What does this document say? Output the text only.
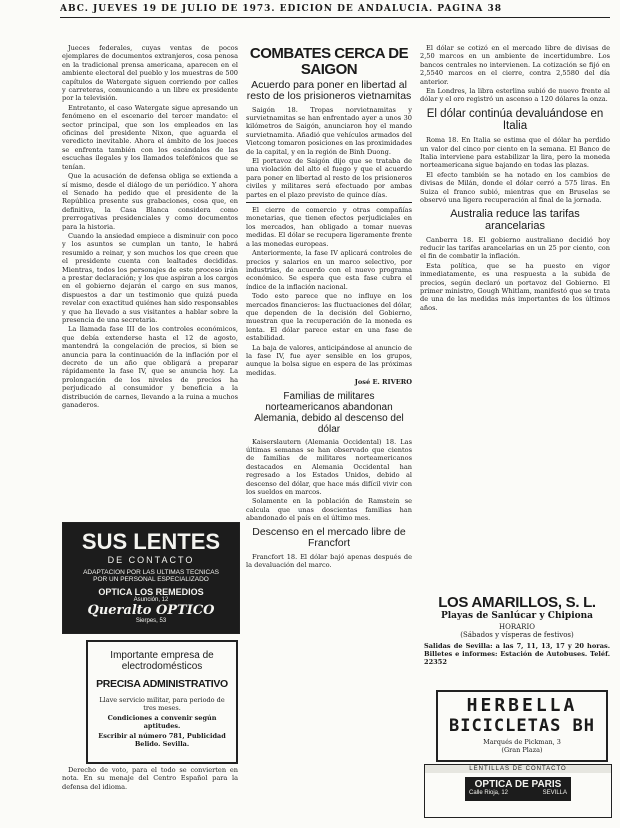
ABC. JUEVES 19 DE JULIO DE 1973. EDICION DE ANDALUCIA. PAGINA 38

Jueces federales, cuyas ventas de pocos ejemplares de documentos extranjeros, cosa penosa en la tradicional prensa americana, aparecen en el ambiente electoral del pueblo y los muestras de 500 capítulos de Watergate siguen corriendo por calles y carreteras, comunicando a un libre ex presidente por la televisión.

Entretanto, el caso Watergate sigue apresando un fenómeno en el escenario del tercer mandato: el sector principal, que son los empleados en las oficinas del presidente Nixon, que aguarda el veredicto inevitable. Ahora el ámbito de los jueces se enfrenta también con los escándalos de las escuchas ilegales y los llamados telefónicos que se tenían.

Que la acusación de defensa obliga se extienda a sí mismo, desde el diálogo de un periódico. Y ahora el Senado ha pedido que el presidente de la República presente sus grabaciones, cosa que, en definitiva, la Casa Blanca considera como prerrogativas presidenciales y como documentos para la historia.

Cuando la ansiedad empiece a disminuir con poco y los asuntos se cumplan un tanto, le habrá resumido a reinar, y son muchos los que creen que el presidente cuenta con lealtades decididas. Mientras, todos los personajes de este proceso irán a prestar declaración; y los que aspiran a los cargos en el gobierno dejarán el cargo en sus manos, dispuestos a dar un testimonio que quizá pueda revelar con exactitud quiénes han sido responsables y que ha llevado a sus visitantes a hablar sobre la presencia de una secretaria.

La llamada fase III de los controles económicos, que debía extenderse hasta el 12 de agosto, mantendrá la congelación de precios, si bien se anuncia para la continuación de la inflación por el decreto de un año que obligará a preparar rápidamente la fase IV, que se anuncia hoy. La prolongación de los niveles de precios ha perjudicado al consumidor y beneficia a la distribución de carnes, llevando a la ruina a muchos ganaderos.

SUS LENTES
DE CONTACTO
ADAPTACION POR LAS ULTIMAS TECNICAS
POR UN PERSONAL ESPECIALIZADO
OPTICA LOS REMEDIOS
Asunción, 12
Queralto OPTICO
Sierpes, 53
Importante empresa de
electrodomésticos
PRECISA ADMINISTRATIVO
Llave servicio militar, para periodo de tres meses.
Condiciones a convenir según aptitudes.
Escribir al número 781, Publicidad Belido. Sevilla.

Derecho de voto, para el todo se convierten en nota. En su menaje del Centro Español para la defensa del idioma.

COMBATES CERCA DE SAIGON
Acuerdo para poner en libertad al resto de los prisioneros vietnamitas

Saigón 18. Tropas norvietnamitas y survietnamitas se han enfrentado ayer a unos 30 kilómetros de Saigón, anunciaron hoy el mando survietnamita. Añadió que vehículos armados del Vietcong tomaron posiciones en las proximidades de la capital, y en la región de Binh Duong.

El portavoz de Saigón dijo que se trataba de una violación del alto el fuego y que el acuerdo para poner en libertad al resto de los prisioneros civiles y militares será efectuado por ambas partes en el plazo previsto de quince días.

El cierre de comercio y otras compañías monetarias, que tienen efectos perjudiciales en los mercados, han obligado a tomar nuevas medidas. El dólar se recupera ligeramente frente a las monedas europeas.

Anteriormente, la fase IV aplicará controles de precios y salarios en un marco selectivo, por industrias, de acuerdo con el nuevo programa económico. Se espera que esta fase cubra el índice de la inflación nacional.

Todo esto parece que no influye en los mercados financieros: las fluctuaciones del dólar, que dependen de la decisión del Gobierno, muestran que la recuperación de la moneda es lenta. El dólar parece estar en una fase de estabilidad.

La baja de valores, anticipándose al anuncio de la fase IV, fue ayer sensible en los grupos, aunque la bolsa sigue en espera de las próximas medidas.

José E. RIVERO

Familias de militares norteamericanos abandonan Alemania, debido al descenso del dólar

Kaiserslautern (Alemania Occidental) 18. Las últimas semanas se han observado que cientos de familias de militares norteamericanos destacados en Alemania Occidental han regresado a los Estados Unidos, debido al descenso del dólar, que hace más difícil vivir con los sueldos en marcos.

Solamente en la población de Ramstein se calcula que unas doscientas familias han abandonado el país en el último mes.

Descenso en el mercado libre de Francfort

Francfort 18. El dólar bajó apenas después de la devaluación del marco.

El dólar se cotizó en el mercado libre de divisas de 2,50 marcos en un ambiente de incertidumbre. Los bancos centrales no intervienen. La cotización se fijó en 2,5540 marcos en el cierre, contra 2,5580 del día anterior.

En Londres, la libra esterlina subió de nuevo frente al dólar y el oro registró un ascenso a 120 dólares la onza.

El dólar continúa devaluándose en Italia

Roma 18. En Italia se estima que el dólar ha perdido un valor del cinco por ciento en la semana. El Banco de Italia interviene para estabilizar la lira, pero la moneda norteamericana sigue bajando en todas las plazas.

El efecto también se ha notado en los cambios de divisas de Milán, donde el dólar cerró a 575 liras. En Suiza el franco subió, mientras que en Bruselas se observó una ligera recuperación al final de la jornada.

Australia reduce las tarifas arancelarias

Canberra 18. El gobierno australiano decidió hoy reducir las tarifas arancelarias en un 25 por ciento, con el fin de combatir la inflación.

Esta política, que se ha puesto en vigor inmediatamente, es una respuesta a la subida de precios, según declaró un portavoz del Gobierno. El primer ministro, Gough Whitlam, manifestó que se trata de una de las medidas más importantes de los últimos años.

LOS AMARILLOS, S. L.
Playas de Sanlúcar y Chipiona
HORARIO
(Sábados y vísperas de festivos)
Salidas de Sevilla: a las 7, 11, 13, 17 y 20 horas. Billetes e informes: Estación de Autobuses. Teléf. 22352
HERBELLA
BICICLETAS BH
Marqués de Pickman, 3
(Gran Plaza)
LENTILLAS DE CONTACTO
OPTICA DE PARIS
Calle Rioja, 12	SEVILLA
